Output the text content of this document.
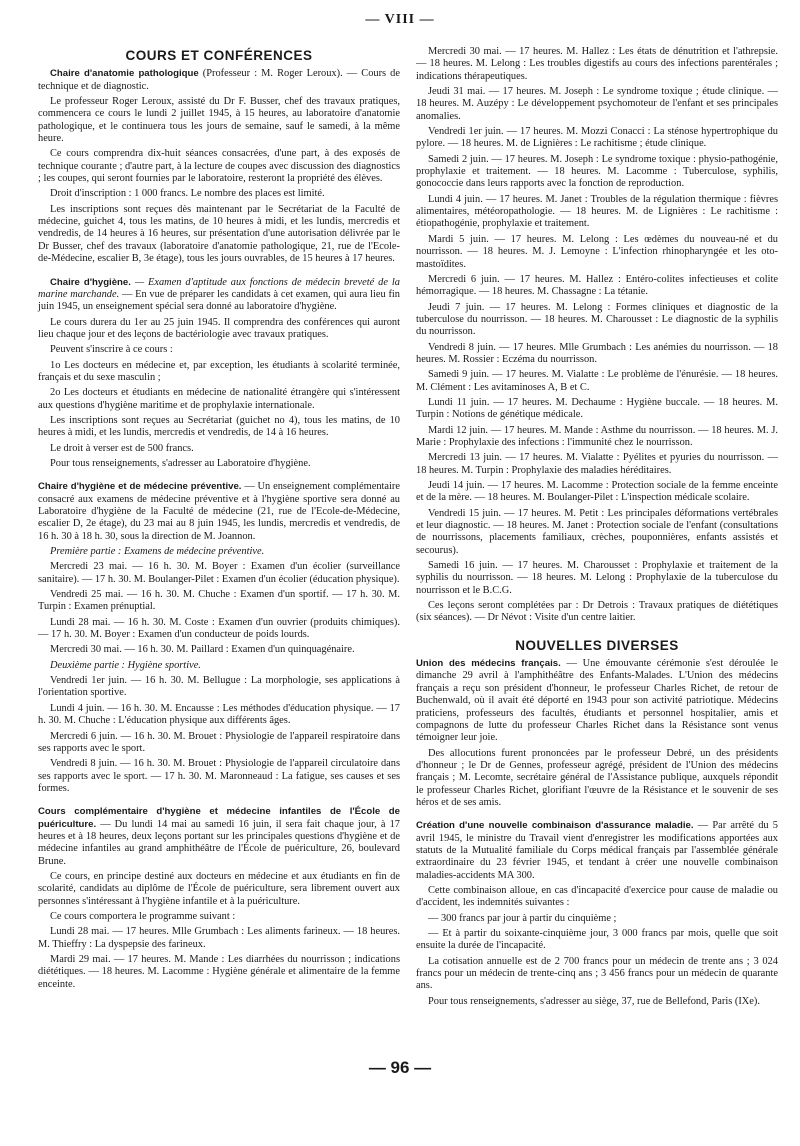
— VIII —
COURS ET CONFÉRENCES

Chaire d'anatomie pathologique (Professeur : M. Roger Leroux). — Cours de technique et de diagnostic.

Le professeur Roger Leroux, assisté du Dr F. Busser, chef des travaux pratiques, commencera ce cours le lundi 2 juillet 1945, à 15 heures, au laboratoire d'anatomie pathologique, et le continuera tous les jours de semaine, sauf le samedi, à la même heure.

Ce cours comprendra dix-huit séances consacrées, d'une part, à des exposés de technique courante ; d'autre part, à la lecture de coupes avec discussion des diagnostics ; les coupes, qui seront fournies par le laboratoire, resteront la propriété des élèves.

Droit d'inscription : 1 000 francs. Le nombre des places est limité.

Les inscriptions sont reçues dès maintenant par le Secrétariat de la Faculté de médecine, guichet 4, tous les matins, de 10 heures à midi, et les lundis, mercredis et vendredis, de 14 heures à 16 heures, sur présentation d'une autorisation délivrée par le Dr Busser, chef des travaux (laboratoire d'anatomie pathologique, 21, rue de l'Ecole-de-Médecine, escalier B, 3e étage), tous les jours ouvrables, de 15 heures à 17 heures.

Chaire d'hygiène. — Examen d'aptitude aux fonctions de médecin breveté de la marine marchande. — En vue de préparer les candidats à cet examen, qui aura lieu fin juin 1945, un enseignement spécial sera donné au laboratoire d'hygiène.

Le cours durera du 1er au 25 juin 1945. Il comprendra des conférences qui auront lieu chaque jour et des leçons de bactériologie avec travaux pratiques.

Peuvent s'inscrire à ce cours :

1o Les docteurs en médecine et, par exception, les étudiants à scolarité terminée, français et du sexe masculin ;

2o Les docteurs et étudiants en médecine de nationalité étrangère qui s'intéressent aux questions d'hygiène maritime et de prophylaxie internationale.

Les inscriptions sont reçues au Secrétariat (guichet no 4), tous les matins, de 10 heures à midi, et les lundis, mercredis et vendredis, de 14 à 16 heures.

Le droit à verser est de 500 francs.

Pour tous renseignements, s'adresser au Laboratoire d'hygiène.

Chaire d'hygiène et de médecine préventive. — Un enseignement complémentaire consacré aux examens de médecine préventive et à l'hygiène sportive sera donné au Laboratoire d'hygiène de la Faculté de médecine (21, rue de l'Ecole-de-Médecine, escalier D, 2e étage), du 23 mai au 8 juin 1945, les lundis, mercredis et vendredis, de 16 h. 30 à 18 h. 30, sous la direction de M. Joannon.

Première partie : Examens de médecine préventive.

Mercredi 23 mai. — 16 h. 30. M. Boyer : Examen d'un écolier (surveillance sanitaire). — 17 h. 30. M. Boulanger-Pilet : Examen d'un écolier (éducation physique).

Vendredi 25 mai. — 16 h. 30. M. Chuche : Examen d'un sportif. — 17 h. 30. M. Turpin : Examen prénuptial.

Lundi 28 mai. — 16 h. 30. M. Coste : Examen d'un ouvrier (produits chimiques). — 17 h. 30. M. Boyer : Examen d'un conducteur de poids lourds.

Mercredi 30 mai. — 16 h. 30. M. Paillard : Examen d'un quinquagénaire.

Deuxième partie : Hygiène sportive.

Vendredi 1er juin. — 16 h. 30. M. Bellugue : La morphologie, ses applications à l'orientation sportive.

Lundi 4 juin. — 16 h. 30. M. Encausse : Les méthodes d'éducation physique. — 17 h. 30. M. Chuche : L'éducation physique aux différents âges.

Mercredi 6 juin. — 16 h. 30. M. Brouet : Physiologie de l'appareil respiratoire dans ses rapports avec le sport.

Vendredi 8 juin. — 16 h. 30. M. Brouet : Physiologie de l'appareil circulatoire dans ses rapports avec le sport. — 17 h. 30. M. Maronneaud : La fatigue, ses causes et ses formes.

Cours complémentaire d'hygiène et médecine infantiles de l'École de puériculture. — Du lundi 14 mai au samedi 16 juin, il sera fait chaque jour, à 17 heures et à 18 heures, deux leçons portant sur les principales questions d'hygiène et de médecine infantiles au grand amphithéâtre de l'École de puériculture, 26, boulevard Brune.

Ce cours, en principe destiné aux docteurs en médecine et aux étudiants en fin de scolarité, candidats au diplôme de l'École de puériculture, sera librement ouvert aux personnes s'intéressant à l'hygiène infantile et à la puériculture.

Ce cours comportera le programme suivant :

Lundi 28 mai. — 17 heures. Mlle Grumbach : Les aliments farineux. — 18 heures. M. Thieffry : La dyspepsie des farineux.

Mardi 29 mai. — 17 heures. M. Mande : Les diarrhées du nourrisson ; indications diététiques. — 18 heures. M. Lacomme : Hygiène générale et alimentaire de la femme enceinte.

Mercredi 30 mai. — 17 heures. M. Hallez : Les états de dénutrition et l'athrepsie. — 18 heures. M. Lelong : Les troubles digestifs au cours des infections parentérales ; indications thérapeutiques.

Jeudi 31 mai. — 17 heures. M. Joseph : Le syndrome toxique ; étude clinique. — 18 heures. M. Auzépy : Le développement psychomoteur de l'enfant et ses principales anomalies.

Vendredi 1er juin. — 17 heures. M. Mozzi Conacci : La sténose hypertrophique du pylore. — 18 heures. M. de Lignières : Le rachitisme ; étude clinique.

Samedi 2 juin. — 17 heures. M. Joseph : Le syndrome toxique : physio-pathogénie, prophylaxie et traitement. — 18 heures. M. Lacomme : Tuberculose, syphilis, gonococcie dans leurs rapports avec la fonction de reproduction.

Lundi 4 juin. — 17 heures. M. Janet : Troubles de la régulation thermique : fièvres alimentaires, météoropathologie. — 18 heures. M. de Lignières : Le rachitisme : étiopathogénie, prophylaxie et traitement.

Mardi 5 juin. — 17 heures. M. Lelong : Les œdèmes du nouveau-né et du nourrisson. — 18 heures. M. J. Lemoyne : L'infection rhinopharyngée et les oto-mastoïdites.

Mercredi 6 juin. — 17 heures. M. Hallez : Entéro-colites infectieuses et colite hémorragique. — 18 heures. M. Chassagne : La tétanie.

Jeudi 7 juin. — 17 heures. M. Lelong : Formes cliniques et diagnostic de la tuberculose du nourrisson. — 18 heures. M. Charousset : Le diagnostic de la syphilis du nourrisson.

Vendredi 8 juin. — 17 heures. Mlle Grumbach : Les anémies du nourrisson. — 18 heures. M. Rossier : Eczéma du nourrisson.

Samedi 9 juin. — 17 heures. M. Vialatte : Le problème de l'énurésie. — 18 heures. M. Clément : Les avitaminoses A, B et C.

Lundi 11 juin. — 17 heures. M. Dechaume : Hygiène buccale. — 18 heures. M. Turpin : Notions de génétique médicale.

Mardi 12 juin. — 17 heures. M. Mande : Asthme du nourrisson. — 18 heures. M. J. Marie : Prophylaxie des infections : l'immunité chez le nourrisson.

Mercredi 13 juin. — 17 heures. M. Vialatte : Pyélites et pyuries du nourrisson. — 18 heures. M. Turpin : Prophylaxie des maladies héréditaires.

Jeudi 14 juin. — 17 heures. M. Lacomme : Protection sociale de la femme enceinte et de la mère. — 18 heures. M. Boulanger-Pilet : L'inspection médicale scolaire.

Vendredi 15 juin. — 17 heures. M. Petit : Les principales déformations vertébrales et leur diagnostic. — 18 heures. M. Janet : Protection sociale de l'enfant (consultations de nourrissons, placements familiaux, crèches, pouponnières, enfants assistés et secourus).

Samedi 16 juin. — 17 heures. M. Charousset : Prophylaxie et traitement de la syphilis du nourrisson. — 18 heures. M. Lelong : Prophylaxie de la tuberculose du nourrisson et le B.C.G.

Ces leçons seront complétées par : Dr Detrois : Travaux pratiques de diététiques (six séances). — Dr Névot : Visite d'un centre laitier.

NOUVELLES DIVERSES

Union des médecins français. — Une émouvante cérémonie s'est déroulée le dimanche 29 avril à l'amphithéâtre des Enfants-Malades. L'Union des médecins français a reçu son président d'honneur, le professeur Charles Richet, de retour de Buchenwald, où il avait été déporté en 1943 pour son activité patriotique. Médecins praticiens, professeurs des facultés, étudiants et personnel hospitalier, amis et compagnons de lutte du professeur Charles Richet dans la Résistance sont venus témoigner leur joie.

Des allocutions furent prononcées par le professeur Debré, un des présidents d'honneur ; le Dr de Gennes, professeur agrégé, président de l'Union des médecins français ; M. Lecomte, secrétaire général de l'Assistance publique, auxquels répondit le professeur Charles Richet, glorifiant l'œuvre de la Résistance et le souvenir de ses héros et de ses amis.

Création d'une nouvelle combinaison d'assurance maladie. — Par arrêté du 5 avril 1945, le ministre du Travail vient d'enregistrer les modifications apportées aux statuts de la Mutualité familiale du Corps médical français par l'assemblée générale extraordinaire du 23 février 1945, et tendant à créer une nouvelle combinaison maladies-accidents MA 300.

Cette combinaison alloue, en cas d'incapacité d'exercice pour cause de maladie ou d'accident, les indemnités suivantes :

— 300 francs par jour à partir du cinquième ;

— Et à partir du soixante-cinquième jour, 3 000 francs par mois, quelle que soit ensuite la durée de l'incapacité.

La cotisation annuelle est de 2 700 francs pour un médecin de trente ans ; 3 024 francs pour un médecin de trente-cinq ans ; 3 456 francs pour un médecin de quarante ans.

Pour tous renseignements, s'adresser au siège, 37, rue de Bellefond, Paris (IXe).

— 96 —
